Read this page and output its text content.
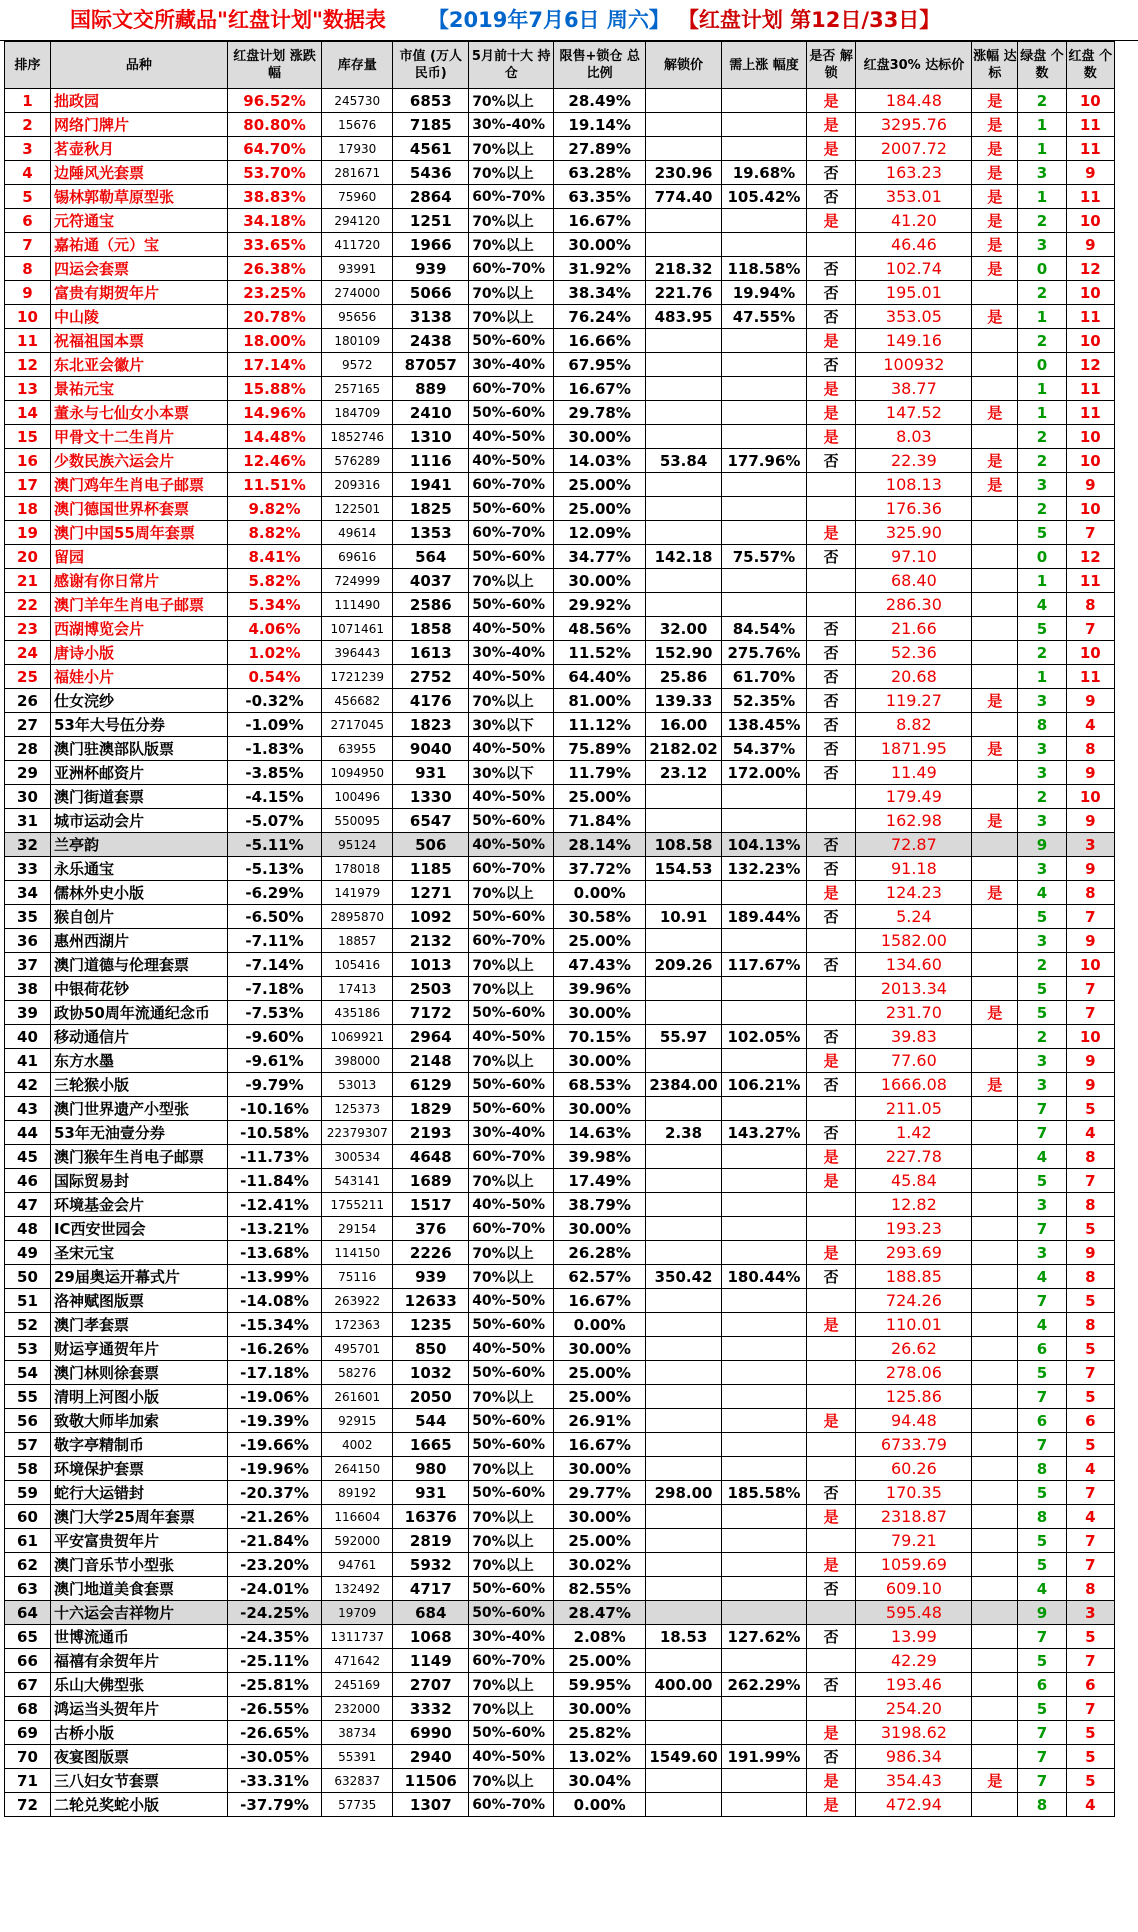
国际文交所藏品"红盘计划"数据表 【2019年7月6日 周六】 【红盘计划 第12日/33日】
排序	品种	红盘计划 涨跌幅	库存量	市值 (万人民币)	5月前十大 持仓	限售+锁仓 总比例	解锁价	需上涨 幅度	是否 解锁	红盘30% 达标价	涨幅 达标	绿盘 个数	红盘 个数
1	拙政园	96.52%	245730	6853	70%以上	28.49%			是	184.48	是	2	10
2	网络门牌片	80.80%	15676	7185	30%-40%	19.14%			是	3295.76	是	1	11
3	茗壶秋月	64.70%	17930	4561	70%以上	27.89%			是	2007.72	是	1	11
4	边陲风光套票	53.70%	281671	5436	70%以上	63.28%	230.96	19.68%	否	163.23	是	3	9
5	锡林郭勒草原型张	38.83%	75960	2864	60%-70%	63.35%	774.40	105.42%	否	353.01	是	1	11
6	元符通宝	34.18%	294120	1251	70%以上	16.67%			是	41.20	是	2	10
7	嘉祐通（元）宝	33.65%	411720	1966	70%以上	30.00%				46.46	是	3	9
8	四运会套票	26.38%	93991	939	60%-70%	31.92%	218.32	118.58%	否	102.74	是	0	12
9	富贵有期贺年片	23.25%	274000	5066	70%以上	38.34%	221.76	19.94%	否	195.01		2	10
10	中山陵	20.78%	95656	3138	70%以上	76.24%	483.95	47.55%	否	353.05	是	1	11
11	祝福祖国本票	18.00%	180109	2438	50%-60%	16.66%			是	149.16		2	10
12	东北亚会徽片	17.14%	9572	87057	30%-40%	67.95%			否	100932		0	12
13	景祐元宝	15.88%	257165	889	60%-70%	16.67%			是	38.77		1	11
14	董永与七仙女小本票	14.96%	184709	2410	50%-60%	29.78%			是	147.52	是	1	11
15	甲骨文十二生肖片	14.48%	1852746	1310	40%-50%	30.00%			是	8.03		2	10
16	少数民族六运会片	12.46%	576289	1116	40%-50%	14.03%	53.84	177.96%	否	22.39	是	2	10
17	澳门鸡年生肖电子邮票	11.51%	209316	1941	60%-70%	25.00%				108.13	是	3	9
18	澳门德国世界杯套票	9.82%	122501	1825	50%-60%	25.00%				176.36		2	10
19	澳门中国55周年套票	8.82%	49614	1353	60%-70%	12.09%			是	325.90		5	7
20	留园	8.41%	69616	564	50%-60%	34.77%	142.18	75.57%	否	97.10		0	12
21	感谢有你日常片	5.82%	724999	4037	70%以上	30.00%				68.40		1	11
22	澳门羊年生肖电子邮票	5.34%	111490	2586	50%-60%	29.92%				286.30		4	8
23	西湖博览会片	4.06%	1071461	1858	40%-50%	48.56%	32.00	84.54%	否	21.66		5	7
24	唐诗小版	1.02%	396443	1613	30%-40%	11.52%	152.90	275.76%	否	52.36		2	10
25	福娃小片	0.54%	1721239	2752	40%-50%	64.40%	25.86	61.70%	否	20.68		1	11
26	仕女浣纱	-0.32%	456682	4176	70%以上	81.00%	139.33	52.35%	否	119.27	是	3	9
27	53年大号伍分券	-1.09%	2717045	1823	30%以下	11.12%	16.00	138.45%	否	8.82		8	4
28	澳门驻澳部队版票	-1.83%	63955	9040	40%-50%	75.89%	2182.02	54.37%	否	1871.95	是	3	8
29	亚洲杯邮资片	-3.85%	1094950	931	30%以下	11.79%	23.12	172.00%	否	11.49		3	9
30	澳门街道套票	-4.15%	100496	1330	40%-50%	25.00%				179.49		2	10
31	城市运动会片	-5.07%	550095	6547	50%-60%	71.84%				162.98	是	3	9
32	兰亭韵	-5.11%	95124	506	40%-50%	28.14%	108.58	104.13%	否	72.87		9	3
33	永乐通宝	-5.13%	178018	1185	60%-70%	37.72%	154.53	132.23%	否	91.18		3	9
34	儒林外史小版	-6.29%	141979	1271	70%以上	0.00%			是	124.23	是	4	8
35	猴自创片	-6.50%	2895870	1092	50%-60%	30.58%	10.91	189.44%	否	5.24		5	7
36	惠州西湖片	-7.11%	18857	2132	60%-70%	25.00%				1582.00		3	9
37	澳门道德与伦理套票	-7.14%	105416	1013	70%以上	47.43%	209.26	117.67%	否	134.60		2	10
38	中银荷花钞	-7.18%	17413	2503	70%以上	39.96%				2013.34		5	7
39	政协50周年流通纪念币	-7.53%	435186	7172	50%-60%	30.00%				231.70	是	5	7
40	移动通信片	-9.60%	1069921	2964	40%-50%	70.15%	55.97	102.05%	否	39.83		2	10
41	东方水墨	-9.61%	398000	2148	70%以上	30.00%			是	77.60		3	9
42	三轮猴小版	-9.79%	53013	6129	50%-60%	68.53%	2384.00	106.21%	否	1666.08	是	3	9
43	澳门世界遗产小型张	-10.16%	125373	1829	50%-60%	30.00%				211.05		7	5
44	53年无油壹分券	-10.58%	22379307	2193	30%-40%	14.63%	2.38	143.27%	否	1.42		7	4
45	澳门猴年生肖电子邮票	-11.73%	300534	4648	60%-70%	39.98%			是	227.78		4	8
46	国际贸易封	-11.84%	543141	1689	70%以上	17.49%			是	45.84		5	7
47	环境基金会片	-12.41%	1755211	1517	40%-50%	38.79%				12.82		3	8
48	IC西安世园会	-13.21%	29154	376	60%-70%	30.00%				193.23		7	5
49	圣宋元宝	-13.68%	114150	2226	70%以上	26.28%			是	293.69		3	9
50	29届奥运开幕式片	-13.99%	75116	939	70%以上	62.57%	350.42	180.44%	否	188.85		4	8
51	洛神赋图版票	-14.08%	263922	12633	40%-50%	16.67%				724.26		7	5
52	澳门孝套票	-15.34%	172363	1235	50%-60%	0.00%			是	110.01		4	8
53	财运亨通贺年片	-16.26%	495701	850	40%-50%	30.00%				26.62		6	5
54	澳门林则徐套票	-17.18%	58276	1032	50%-60%	25.00%				278.06		5	7
55	清明上河图小版	-19.06%	261601	2050	70%以上	25.00%				125.86		7	5
56	致敬大师毕加索	-19.39%	92915	544	50%-60%	26.91%			是	94.48		6	6
57	敬字亭精制币	-19.66%	4002	1665	50%-60%	16.67%				6733.79		7	5
58	环境保护套票	-19.96%	264150	980	70%以上	30.00%				60.26		8	4
59	蛇行大运错封	-20.37%	89192	931	50%-60%	29.77%	298.00	185.58%	否	170.35		5	7
60	澳门大学25周年套票	-21.26%	116604	16376	70%以上	30.00%			是	2318.87		8	4
61	平安富贵贺年片	-21.84%	592000	2819	70%以上	25.00%				79.21		5	7
62	澳门音乐节小型张	-23.20%	94761	5932	70%以上	30.02%			是	1059.69		5	7
63	澳门地道美食套票	-24.01%	132492	4717	50%-60%	82.55%			否	609.10		4	8
64	十六运会吉祥物片	-24.25%	19709	684	50%-60%	28.47%				595.48		9	3
65	世博流通币	-24.35%	1311737	1068	30%-40%	2.08%	18.53	127.62%	否	13.99		7	5
66	福禧有余贺年片	-25.11%	471642	1149	60%-70%	25.00%				42.29		5	7
67	乐山大佛型张	-25.81%	245169	2707	70%以上	59.95%	400.00	262.29%	否	193.46		6	6
68	鸿运当头贺年片	-26.55%	232000	3332	70%以上	30.00%				254.20		5	7
69	古桥小版	-26.65%	38734	6990	50%-60%	25.82%			是	3198.62		7	5
70	夜宴图版票	-30.05%	55391	2940	40%-50%	13.02%	1549.60	191.99%	否	986.34		7	5
71	三八妇女节套票	-33.31%	632837	11506	70%以上	30.04%			是	354.43	是	7	5
72	二轮兑奖蛇小版	-37.79%	57735	1307	60%-70%	0.00%			是	472.94		8	4
